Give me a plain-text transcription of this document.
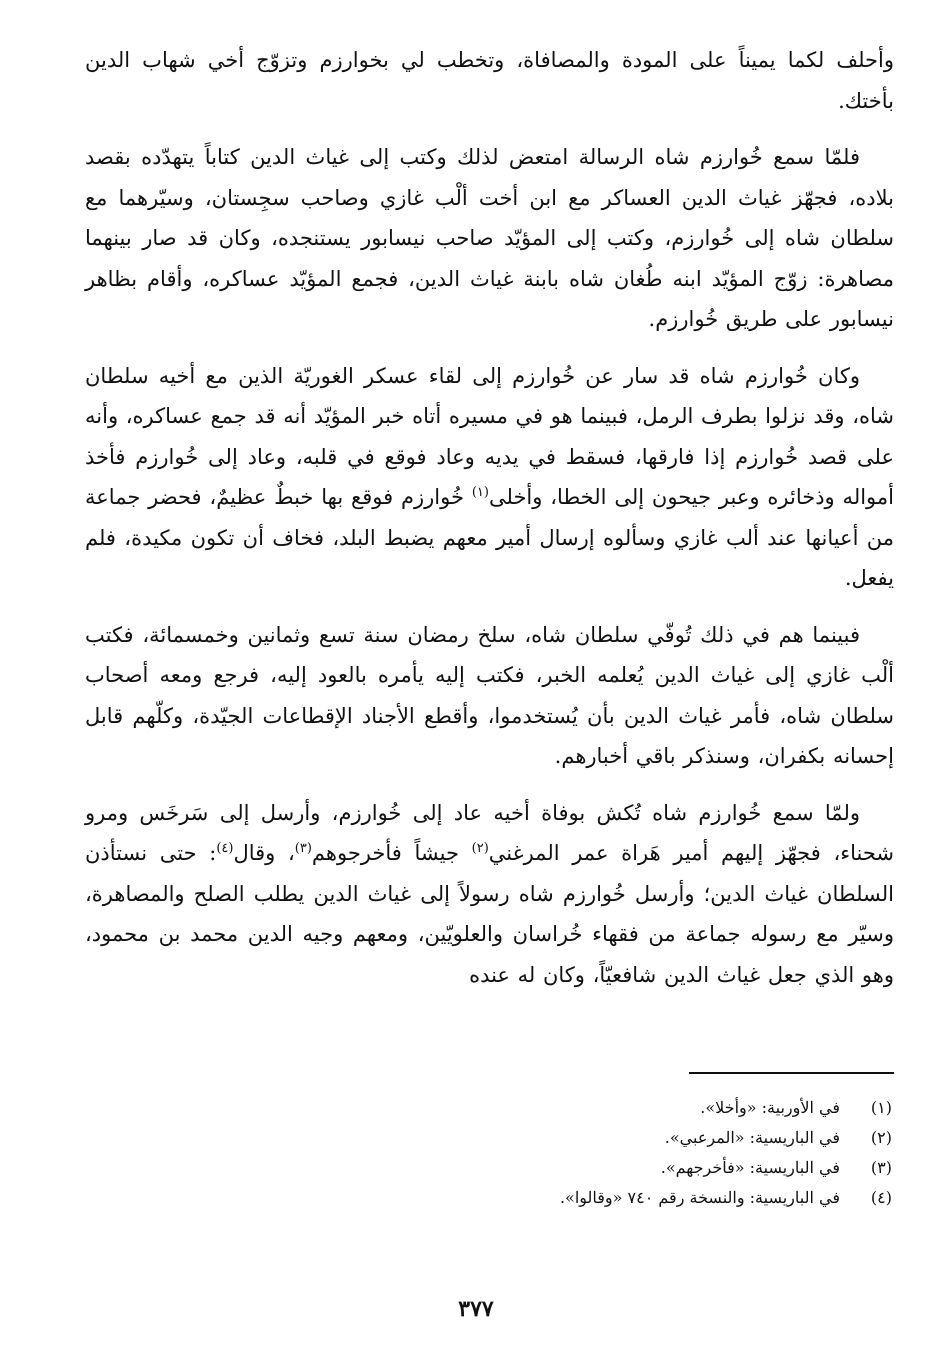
وأحلف لكما يميناً على المودة والمصافاة، وتخطب لي بخوارزم وتزوّج أخي شهاب الدين بأختك.

فلمّا سمع خُوارزم شاه الرسالة امتعض لذلك وكتب إلى غياث الدين كتاباً يتهدّده بقصد بلاده، فجهّز غياث الدين العساكر مع ابن أخت ألْب غازي وصاحب سجِستان، وسيّرهما مع سلطان شاه إلى خُوارزم، وكتب إلى المؤيّد صاحب نيسابور يستنجده، وكان قد صار بينهما مصاهرة: زوّج المؤيّد ابنه طُغان شاه بابنة غياث الدين، فجمع المؤيّد عساكره، وأقام بظاهر نيسابور على طريق خُوارزم.

وكان خُوارزم شاه قد سار عن خُوارزم إلى لقاء عسكر الغوريّة الذين مع أخيه سلطان شاه، وقد نزلوا بطرف الرمل، فبينما هو في مسيره أتاه خبر المؤيّد أنه قد جمع عساكره، وأنه على قصد خُوارزم إذا فارقها، فسقط في يديه وعاد فوقع في قلبه، وعاد إلى خُوارزم فأخذ أمواله وذخائره وعبر جيحون إلى الخطا، وأخلى$^{(١)}$ خُوارزم فوقع بها خبطٌ عظيمٌ، فحضر جماعة من أعيانها عند ألب غازي وسألوه إرسال أمير معهم يضبط البلد، فخاف أن تكون مكيدة، فلم يفعل.

فبينما هم في ذلك تُوفّي سلطان شاه، سلخ رمضان سنة تسع وثمانين وخمسمائة، فكتب ألْب غازي إلى غياث الدين يُعلمه الخبر، فكتب إليه يأمره بالعود إليه، فرجع ومعه أصحاب سلطان شاه، فأمر غياث الدين بأن يُستخدموا، وأقطع الأجناد الإقطاعات الجيّدة، وكلّهم قابل إحسانه بكفران، وسنذكر باقي أخبارهم.

ولمّا سمع خُوارزم شاه تُكش بوفاة أخيه عاد إلى خُوارزم، وأرسل إلى سَرخَس ومرو شحناء، فجهّز إليهم أمير هَراة عمر المرغني$^{(٢)}$ جيشاً فأخرجوهم$^{(٣)}$، وقال$^{(٤)}$: حتى نستأذن السلطان غياث الدين؛ وأرسل خُوارزم شاه رسولاً إلى غياث الدين يطلب الصلح والمصاهرة، وسيّر مع رسوله جماعة من فقهاء خُراسان والعلويّين، ومعهم وجيه الدين محمد بن محمود، وهو الذي جعل غياث الدين شافعيّاً، وكان له عنده

(١)
في الأوربية: «وأخلا».
(٢)
في الباريسية: «المرعبي».
(٣)
في الباريسية: «فأخرجهم».
(٤)
في الباريسية: والنسخة رقم ٧٤٠ «وقالوا».
٣٧٧
